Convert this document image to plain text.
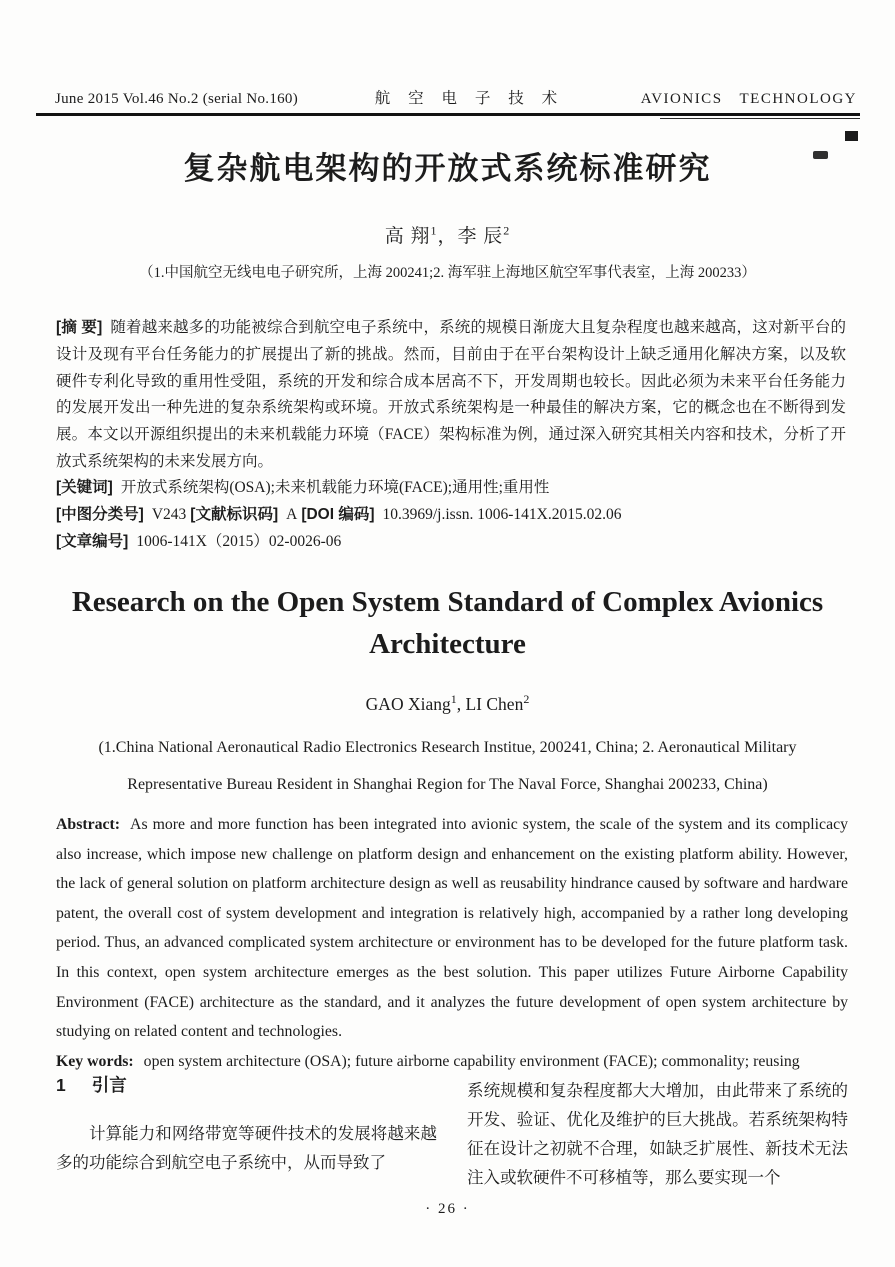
June 2015 Vol.46 No.2 (serial No.160)	航 空 电 子 技 术	AVIONICS TECHNOLOGY
复杂航电架构的开放式系统标准研究
高 翔$^1$，李 辰$^2$
（1.中国航空无线电电子研究所，上海 200241;2. 海军驻上海地区航空军事代表室，上海 200233）

[摘 要] 随着越来越多的功能被综合到航空电子系统中，系统的规模日渐庞大且复杂程度也越来越高，这对新平台的设计及现有平台任务能力的扩展提出了新的挑战。然而，目前由于在平台架构设计上缺乏通用化解决方案，以及软硬件专利化导致的重用性受阻，系统的开发和综合成本居高不下，开发周期也较长。因此必须为未来平台任务能力的发展开发出一种先进的复杂系统架构或环境。开放式系统架构是一种最佳的解决方案，它的概念也在不断得到发展。本文以开源组织提出的未来机载能力环境（FACE）架构标准为例，通过深入研究其相关内容和技术，分析了开放式系统架构的未来发展方向。

[关键词] 开放式系统架构(OSA);未来机载能力环境(FACE);通用性;重用性

[中图分类号] V243 [文献标识码] A [DOI 编码] 10.3969/j.issn. 1006-141X.2015.02.06

[文章编号] 1006-141X（2015）02-0026-06

Research on the Open System Standard of Complex Avionics Architecture
GAO Xiang$^1$, LI Chen$^2$
(1.China National Aeronautical Radio Electronics Research Institue, 200241, China; 2. Aeronautical Military Representative Bureau Resident in Shanghai Region for The Naval Force, Shanghai 200233, China)

Abstract: As more and more function has been integrated into avionic system, the scale of the system and its complicacy also increase, which impose new challenge on platform design and enhancement on the existing platform ability. However, the lack of general solution on platform architecture design as well as reusability hindrance caused by software and hardware patent, the overall cost of system development and integration is relatively high, accompanied by a rather long developing period. Thus, an advanced complicated system architecture or environment has to be developed for the future platform task. In this context, open system architecture emerges as the best solution. This paper utilizes Future Airborne Capability Environment (FACE) architecture as the standard, and it analyzes the future development of open system architecture by studying on related content and technologies.

Key words: open system architecture (OSA); future airborne capability environment (FACE); commonality; reusing

1 引言

计算能力和网络带宽等硬件技术的发展将越来越多的功能综合到航空电子系统中，从而导致了

系统规模和复杂程度都大大增加，由此带来了系统的开发、验证、优化及维护的巨大挑战。若系统架构特征在设计之初就不合理，如缺乏扩展性、新技术无法注入或软硬件不可移植等，那么要实现一个

· 26 ·
